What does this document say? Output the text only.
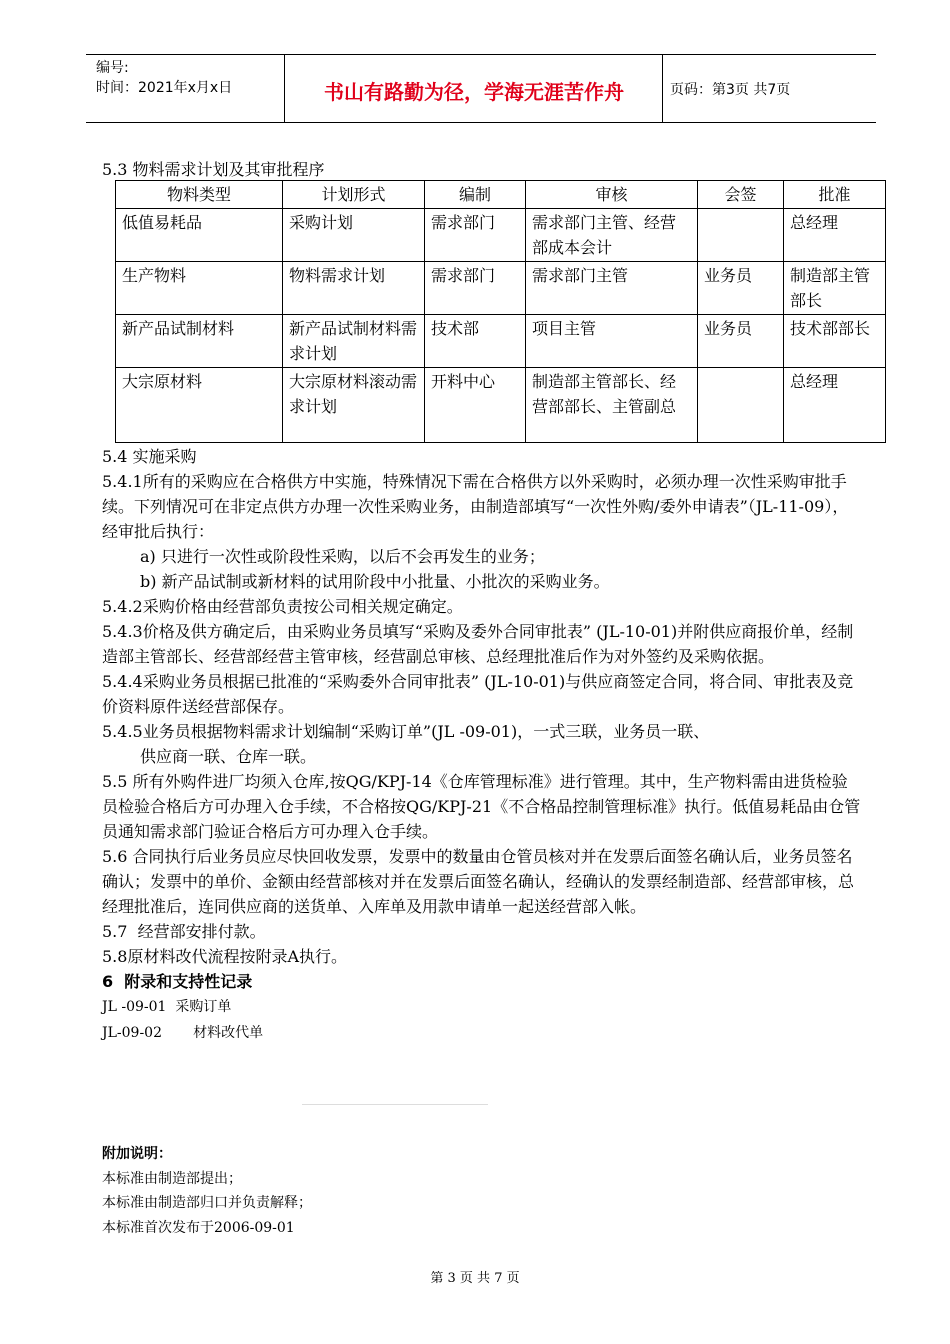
编号:
时间：2021年x月x日	书山有路勤为径，学海无涯苦作舟	页码：第3页 共7页
5.3 物料需求计划及其审批程序
物料类型	计划形式	编制	审核	会签	批准
低值易耗品	采购计划	需求部门	需求部门主管、经营部成本会计		总经理
生产物料	物料需求计划	需求部门	需求部门主管	业务员	制造部主管部长
新产品试制材料	新产品试制材料需求计划	技术部	项目主管	业务员	技术部部长
大宗原材料	大宗原材料滚动需求计划	开料中心	制造部主管部长、经营部部长、主管副总		总经理

5.4 实施采购

5.4.1所有的采购应在合格供方中实施，特殊情况下需在合格供方以外采购时，必须办理一次性采购审批手续。下列情况可在非定点供方办理一次性采购业务，由制造部填写“一次性外购/委外申请表”（JL-11-09），经审批后执行：

a) 只进行一次性或阶段性采购，以后不会再发生的业务；

b) 新产品试制或新材料的试用阶段中小批量、小批次的采购业务。

5.4.2采购价格由经营部负责按公司相关规定确定。

5.4.3价格及供方确定后，由采购业务员填写“采购及委外合同审批表” (JL-10-01)并附供应商报价单，经制造部主管部长、经营部经营主管审核，经营副总审核、总经理批准后作为对外签约及采购依据。

5.4.4采购业务员根据已批准的“采购委外合同审批表” (JL-10-01)与供应商签定合同，将合同、审批表及竞价资料原件送经营部保存。

5.4.5业务员根据物料需求计划编制“采购订单”(JL -09-01)，一式三联，业务员一联、

供应商一联、仓库一联。

5.5 所有外购件进厂均须入仓库,按QG/KPJ-14《仓库管理标准》进行管理。其中，生产物料需由进货检验员检验合格后方可办理入仓手续，不合格按QG/KPJ-21《不合格品控制管理标准》执行。低值易耗品由仓管员通知需求部门验证合格后方可办理入仓手续。

5.6 合同执行后业务员应尽快回收发票，发票中的数量由仓管员核对并在发票后面签名确认后，业务员签名确认；发票中的单价、金额由经营部核对并在发票后面签名确认，经确认的发票经制造部、经营部审核，总经理批准后，连同供应商的送货单、入库单及用款申请单一起送经营部入帐。

5.7  经营部安排付款。

5.8原材料改代流程按附录A执行。

6  附录和支持性记录

JL -09-01  采购订单

JL-09-02       材料改代单

附加说明：

本标准由制造部提出；

本标准由制造部归口并负责解释；

本标准首次发布于2006-09-01

第 3 页 共 7 页
